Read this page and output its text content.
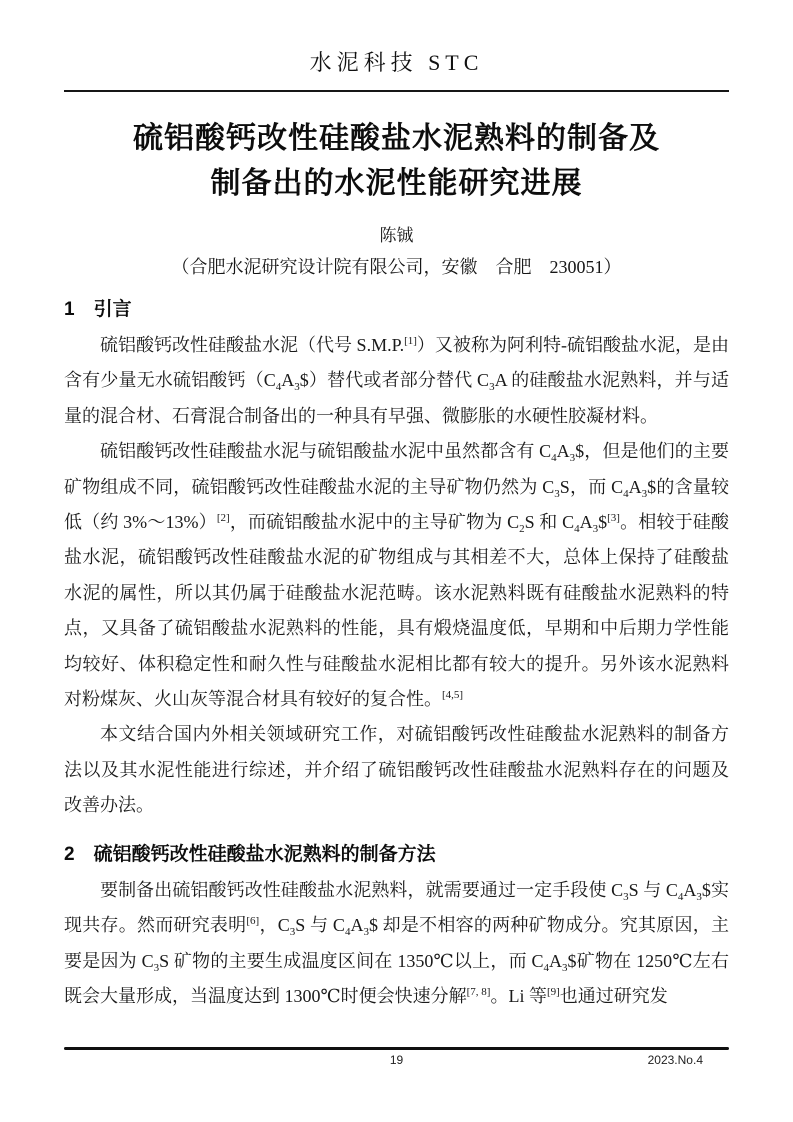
水泥科技 STC
硫铝酸钙改性硅酸盐水泥熟料的制备及
制备出的水泥性能研究进展
陈铖
（合肥水泥研究设计院有限公司，安徽　合肥　230051）
1 引言

硫铝酸钙改性硅酸盐水泥（代号 S.M.P.[1]）又被称为阿利特-硫铝酸盐水泥，是由含有少量无水硫铝酸钙$(C_4A_3\$)$替代或者部分替代 $C_3A$ 的硅酸盐水泥熟料，并与适量的混合材、石膏混合制备出的一种具有早强、微膨胀的水硬性胶凝材料。

硫铝酸钙改性硅酸盐水泥与硫铝酸盐水泥中虽然都含有 $C_4A_3\$$，但是他们的主要矿物组成不同，硫铝酸钙改性硅酸盐水泥的主导矿物仍然为 $C_3S$，而 $C_4A_3\$$的含量较低（约 3%～13%）[2]，而硫铝酸盐水泥中的主导矿物为 $C_2S$ 和 $C_4A_3\$[3]$。相较于硅酸盐水泥，硫铝酸钙改性硅酸盐水泥的矿物组成与其相差不大，总体上保持了硅酸盐水泥的属性，所以其仍属于硅酸盐水泥范畴。该水泥熟料既有硅酸盐水泥熟料的特点，又具备了硫铝酸盐水泥熟料的性能，具有煅烧温度低，早期和中后期力学性能均较好、体积稳定性和耐久性与硅酸盐水泥相比都有较大的提升。另外该水泥熟料对粉煤灰、火山灰等混合材具有较好的复合性。[4,5]

本文结合国内外相关领域研究工作，对硫铝酸钙改性硅酸盐水泥熟料的制备方法以及其水泥性能进行综述，并介绍了硫铝酸钙改性硅酸盐水泥熟料存在的问题及改善办法。

2 硫铝酸钙改性硅酸盐水泥熟料的制备方法

要制备出硫铝酸钙改性硅酸盐水泥熟料，就需要通过一定手段使 $C_3S$ 与 $C_4A_3\$$实现共存。然而研究表明[6]，$C_3S$ 与 $C_4A_3\$$ 却是不相容的两种矿物成分。究其原因，主要是因为 $C_3S$ 矿物的主要生成温度区间在 1350℃以上，而 $C_4A_3\$$矿物在 1250℃左右既会大量形成，当温度达到 1300℃时便会快速分解[7, 8]。Li 等[9]也通过研究发

19	2023.No.4
